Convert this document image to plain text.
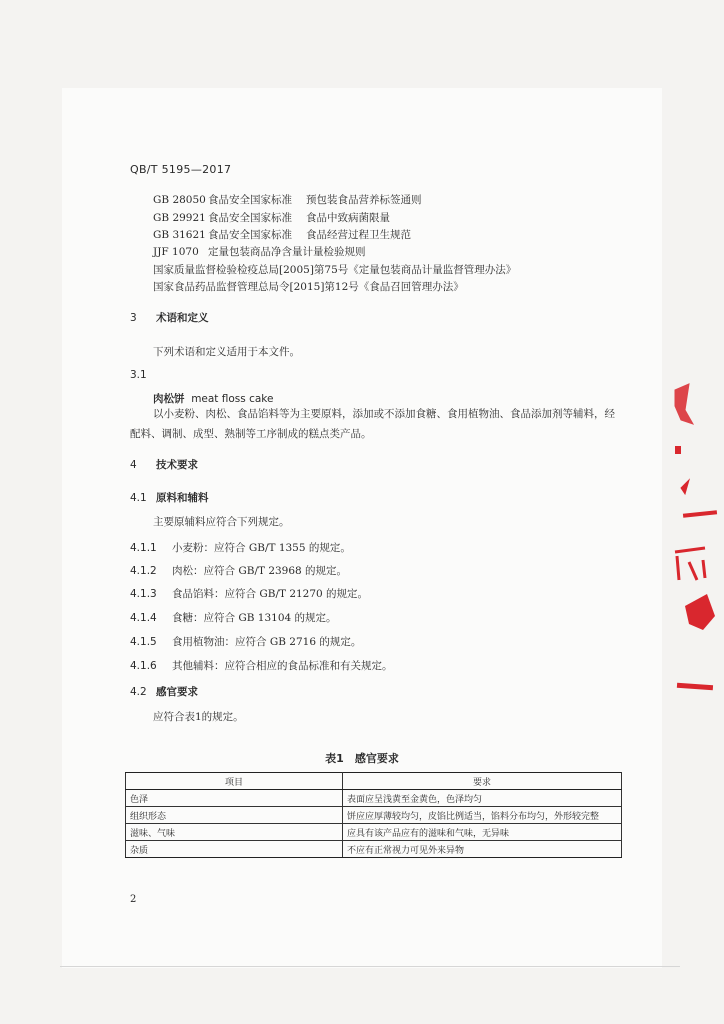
QB/T 5195—2017
GB 28050 食品安全国家标准 预包装食品营养标签通则
GB 29921 食品安全国家标准 食品中致病菌限量
GB 31621 食品安全国家标准 食品经营过程卫生规范
JJF 1070 定量包装商品净含量计量检验规则
国家质量监督检验检疫总局[2005]第75号《定量包装商品计量监督管理办法》
国家食品药品监督管理总局令[2015]第12号《食品召回管理办法》
3 术语和定义
下列术语和定义适用于本文件。
3.1
肉松饼 meat floss cake
以小麦粉、肉松、食品馅料等为主要原料，添加或不添加食糖、食用植物油、食品添加剂等辅料，经配料、调制、成型、熟制等工序制成的糕点类产品。
4 技术要求
4.1 原料和辅料
主要原辅料应符合下列规定。
4.1.1 小麦粉：应符合 GB/T 1355 的规定。
4.1.2 肉松：应符合 GB/T 23968 的规定。
4.1.3 食品馅料：应符合 GB/T 21270 的规定。
4.1.4 食糖：应符合 GB 13104 的规定。
4.1.5 食用植物油：应符合 GB 2716 的规定。
4.1.6 其他辅料：应符合相应的食品标准和有关规定。
4.2 感官要求
应符合表1的规定。
表1　感官要求
项目	要求
色泽	表面应呈浅黄至金黄色，色泽均匀
组织形态	饼应应厚薄较均匀，皮馅比例适当，馅料分布均匀，外形较完整
滋味、气味	应具有该产品应有的滋味和气味，无异味
杂质	不应有正常视力可见外来异物
2
